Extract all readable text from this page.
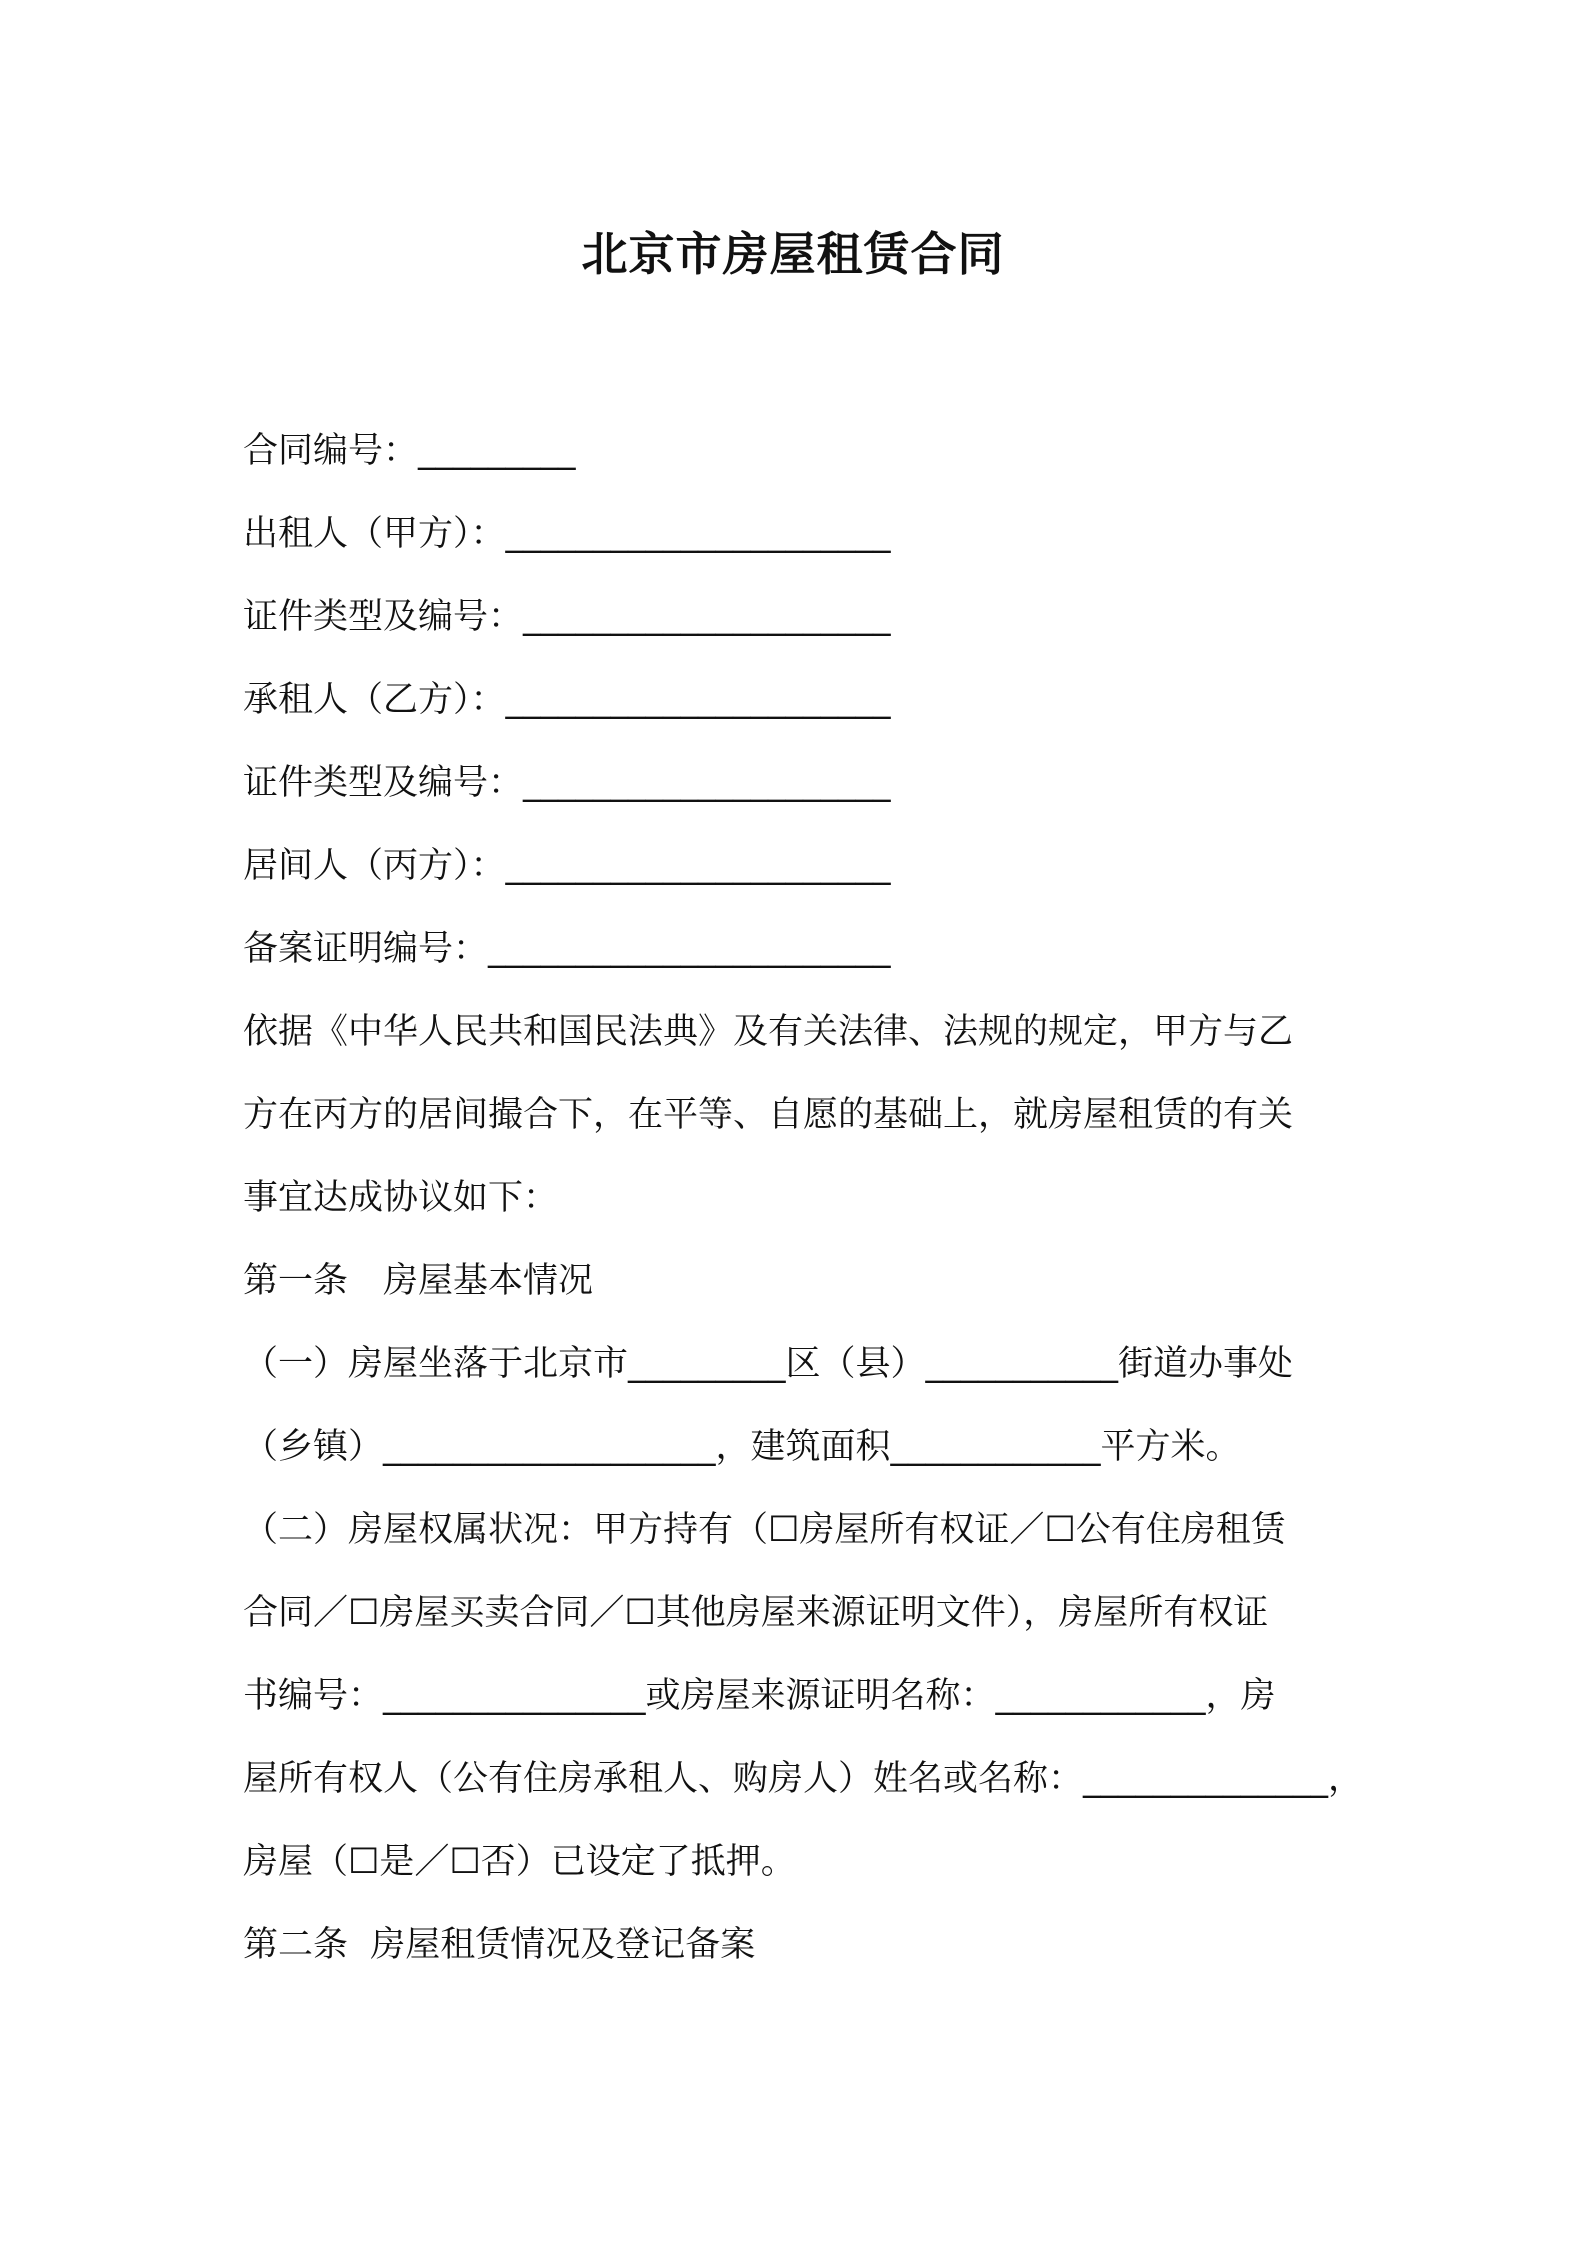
北京市房屋租赁合同
合同编号：_________
出租人（甲方）：______________________
证件类型及编号：_____________________
承租人（乙方）：______________________
证件类型及编号：_____________________
居间人（丙方）：______________________
备案证明编号：_______________________
依据《中华人民共和国民法典》及有关法律、法规的规定，甲方与乙
方在丙方的居间撮合下，在平等、自愿的基础上，就房屋租赁的有关
事宜达成协议如下：
第一条　房屋基本情况
（一）房屋坐落于北京市_________区（县）___________街道办事处
（乡镇）___________________，建筑面积____________平方米。
（二）房屋权属状况：甲方持有（☐房屋所有权证／☐公有住房租赁
合同／☐房屋买卖合同／☐其他房屋来源证明文件），房屋所有权证
书编号：_______________或房屋来源证明名称：____________，房
屋所有权人（公有住房承租人、购房人）姓名或名称：______________，
房屋（☐是／☐否）已设定了抵押。
第二条  房屋租赁情况及登记备案
